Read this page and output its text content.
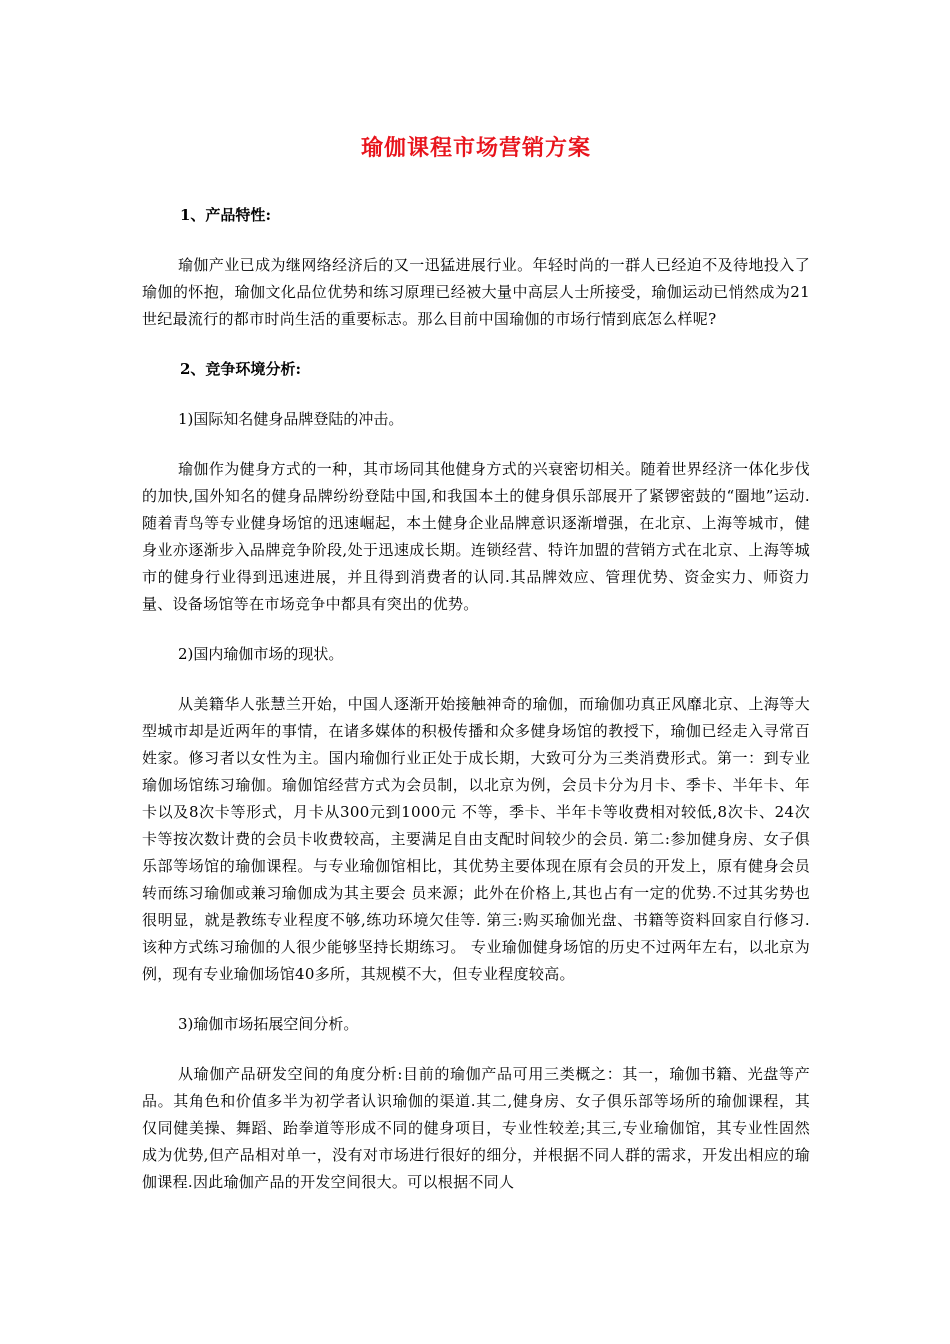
瑜伽课程市场营销方案
1、产品特性:
瑜伽产业已成为继网络经济后的又一迅猛进展行业。年轻时尚的一群人已经迫不及待地投入了瑜伽的怀抱，瑜伽文化品位优势和练习原理已经被大量中高层人士所接受，瑜伽运动已悄然成为21世纪最流行的都市时尚生活的重要标志。那么目前中国瑜伽的市场行情到底怎么样呢?
2、竞争环境分析:
1)国际知名健身品牌登陆的冲击。
瑜伽作为健身方式的一种，其市场同其他健身方式的兴衰密切相关。随着世界经济一体化步伐的加快,国外知名的健身品牌纷纷登陆中国,和我国本土的健身俱乐部展开了紧锣密鼓的“圈地”运动.随着青鸟等专业健身场馆的迅速崛起，本土健身企业品牌意识逐渐增强，在北京、上海等城市，健身业亦逐渐步入品牌竞争阶段,处于迅速成长期。连锁经营、特许加盟的营销方式在北京、上海等城市的健身行业得到迅速进展，并且得到消费者的认同.其品牌效应、管理优势、资金实力、师资力量、设备场馆等在市场竞争中都具有突出的优势。
2)国内瑜伽市场的现状。
从美籍华人张慧兰开始，中国人逐渐开始接触神奇的瑜伽，而瑜伽功真正风靡北京、上海等大型城市却是近两年的事情，在诸多媒体的积极传播和众多健身场馆的教授下，瑜伽已经走入寻常百姓家。修习者以女性为主。国内瑜伽行业正处于成长期，大致可分为三类消费形式。第一：到专业瑜伽场馆练习瑜伽。瑜伽馆经营方式为会员制，以北京为例，会员卡分为月卡、季卡、半年卡、年卡以及8次卡等形式，月卡从300元到1000元 不等，季卡、半年卡等收费相对较低,8次卡、24次卡等按次数计费的会员卡收费较高，主要满足自由支配时间较少的会员. 第二:参加健身房、女子俱乐部等场馆的瑜伽课程。与专业瑜伽馆相比，其优势主要体现在原有会员的开发上，原有健身会员转而练习瑜伽或兼习瑜伽成为其主要会 员来源；此外在价格上,其也占有一定的优势.不过其劣势也很明显，就是教练专业程度不够,练功环境欠佳等. 第三:购买瑜伽光盘、书籍等资料回家自行修习.该种方式练习瑜伽的人很少能够坚持长期练习。 专业瑜伽健身场馆的历史不过两年左右，以北京为例，现有专业瑜伽场馆40多所，其规模不大，但专业程度较高。
3)瑜伽市场拓展空间分析。
从瑜伽产品研发空间的角度分析:目前的瑜伽产品可用三类概之：其一，瑜伽书籍、光盘等产品。其角色和价值多半为初学者认识瑜伽的渠道.其二,健身房、女子俱乐部等场所的瑜伽课程，其仅同健美操、舞蹈、跆拳道等形成不同的健身项目，专业性较差;其三,专业瑜伽馆，其专业性固然成为优势,但产品相对单一，没有对市场进行很好的细分，并根据不同人群的需求，开发出相应的瑜伽课程.因此瑜伽产品的开发空间很大。可以根据不同人
